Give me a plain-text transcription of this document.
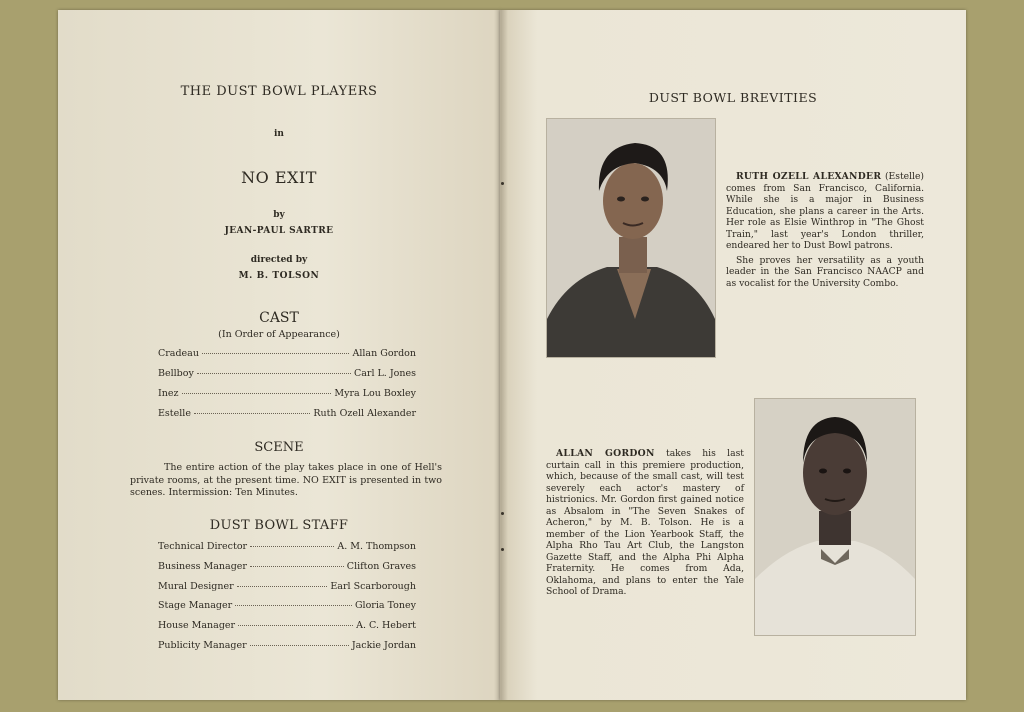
THE DUST BOWL PLAYERS
in
NO EXIT
by
JEAN-PAUL SARTRE
directed by
M. B. TOLSON
CAST
(In Order of Appearance)
Cradeau	Allan Gordon
Bellboy	Carl L. Jones
Inez	Myra Lou Boxley
Estelle	Ruth Ozell Alexander
SCENE
The entire action of the play takes place in one of Hell's private rooms, at the present time. NO EXIT is presented in two scenes. Intermission: Ten Minutes.
DUST BOWL STAFF
Technical Director	A. M. Thompson
Business Manager	Clifton Graves
Mural Designer	Earl Scarborough
Stage Manager	Gloria Toney
House Manager	A. C. Hebert
Publicity Manager	Jackie Jordan
DUST BOWL BREVITIES

RUTH OZELL ALEXANDER (Estelle) comes from San Francisco, California. While she is a major in Business Education, she plans a career in the Arts. Her role as Elsie Winthrop in "The Ghost Train," last year's London thriller, endeared her to Dust Bowl patrons.

She proves her versatility as a youth leader in the San Francisco NAACP and as vocalist for the University Combo.

ALLAN GORDON takes his last curtain call in this premiere production, which, because of the small cast, will test severely each actor's mastery of histrionics. Mr. Gordon first gained notice as Absalom in "The Seven Snakes of Acheron," by M. B. Tolson. He is a member of the Lion Yearbook Staff, the Alpha Rho Tau Art Club, the Langston Gazette Staff, and the Alpha Phi Alpha Fraternity. He comes from Ada, Oklahoma, and plans to enter the Yale School of Drama.
